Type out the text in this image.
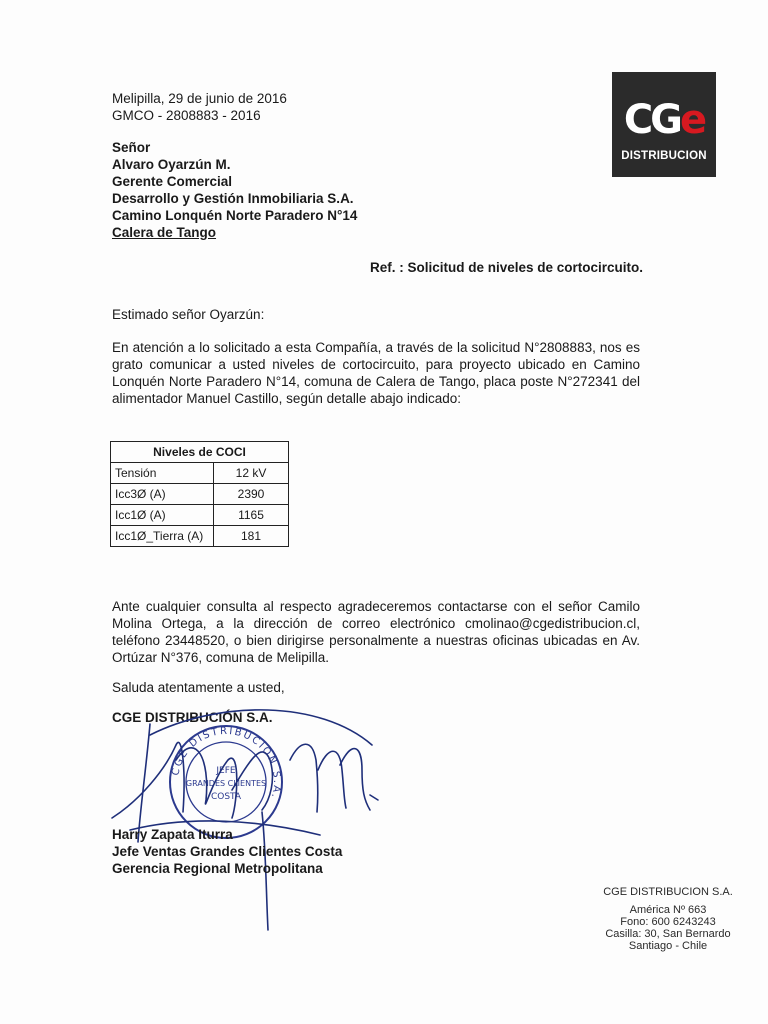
Melipilla, 29 de junio de 2016
GMCO - 2808883 - 2016	CGe
DISTRIBUCION
Señor
Alvaro Oyarzún M.
Gerente Comercial
Desarrollo y Gestión Inmobiliaria S.A.
Camino Lonquén Norte Paradero N°14
Calera de Tango
Ref. : Solicitud de niveles de cortocircuito.
Estimado señor Oyarzún:
En atención a lo solicitado a esta Compañía, a través de la solicitud N°2808883, nos es grato comunicar a usted niveles de cortocircuito, para proyecto ubicado en Camino Lonquén Norte Paradero N°14, comuna de Calera de Tango, placa poste N°272341 del alimentador Manuel Castillo, según detalle abajo indicado:
Niveles de COCI	
Tensión	12 kV
Icc3Ø (A)	2390
Icc1Ø (A)	1165
Icc1Ø_Tierra (A)	181
Ante cualquier consulta al respecto agradeceremos contactarse con el señor Camilo Molina Ortega, a la dirección de correo electrónico cmolinao@cgedistribucion.cl, teléfono 23448520, o bien dirigirse personalmente a nuestras oficinas ubicadas en Av. Ortúzar N°376, comuna de Melipilla.
Saluda atentamente a usted,
CGE DISTRIBUCIÓN S.A.
CGE DISTRIBUCION S.A.
JEFE
GRANDES CLIENTES
COSTA
Harry Zapata Iturra
Jefe Ventas Grandes Clientes Costa
Gerencia Regional Metropolitana
CGE DISTRIBUCION S.A.
América Nº 663
Fono: 600 6243243
Casilla: 30, San Bernardo
Santiago - Chile
